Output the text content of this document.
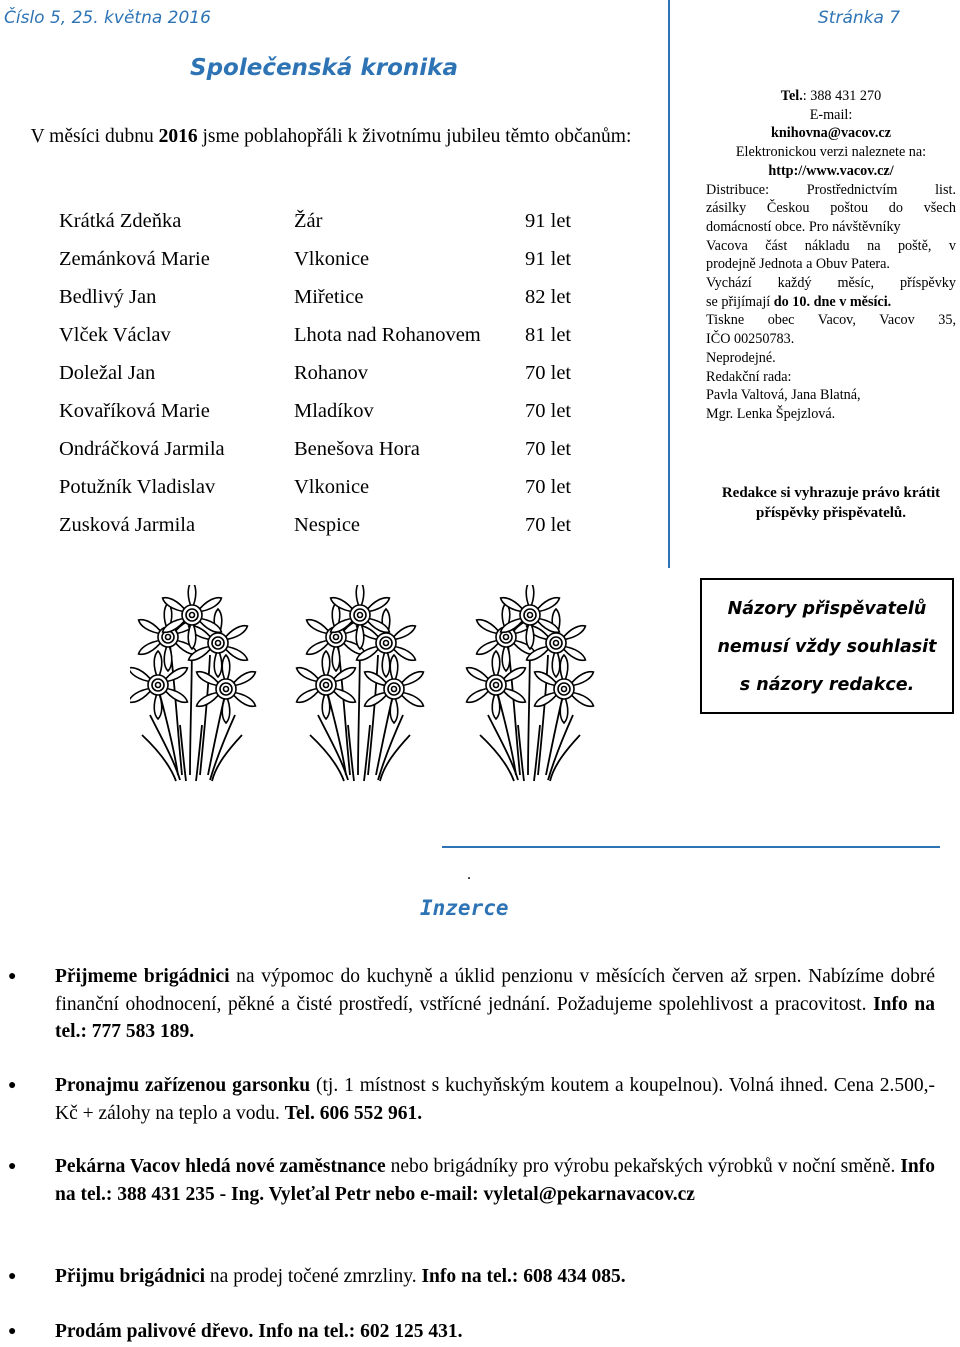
Číslo 5, 25. května 2016	Stránka 7
Společenská kronika
V měsíci dubnu 2016 jsme poblahopřáli k životnímu jubileu těmto občanům:
Krátká Zdeňka	Žár	91 let
Zemánková Marie	Vlkonice	91 let
Bedlivý Jan	Miřetice	82 let
Vlček Václav	Lhota nad Rohanovem 81 let
Doležal Jan	Rohanov	70 let
Kovaříková Marie	Mladíkov	70 let
Ondráčková Jarmila	Benešova Hora	70 let
Potužník Vladislav	Vlkonice	70 let
Zusková Jarmila	Nespice	70 let
Tel.: 388 431 270
E-mail:
knihovna@vacov.cz
Elektronickou verzi naleznete na:
http://www.vacov.cz/
Distribuce: Prostřednictvím list.
zásilky Českou poštou do všech
domácností obce. Pro návštěvníky
Vacova část nákladu na poště, v
prodejně Jednota a Obuv Patera.
Vychází každý měsíc, příspěvky
se přijímají do 10. dne v měsíci.
Tiskne obec Vacov, Vacov 35,
IČO 00250783.
Neprodejné.
Redakční rada:
Pavla Valtová, Jana Blatná,
Mgr. Lenka Špejzlová.
Redakce si vyhrazuje právo krátit příspěvky přispěvatelů.
Názory přispěvatelů
nemusí vždy souhlasit
s názory redakce.
.
Inzerce
● Přijmeme brigádnici na výpomoc do kuchyně a úklid penzionu v měsících červen až srpen. Nabízíme dobré finanční ohodnocení, pěkné a čisté prostředí, vstřícné jednání. Požadujeme spolehlivost a pracovitost. Info na tel.: 777 583 189.
● Pronajmu zařízenou garsonku (tj. 1 místnost s kuchyňským koutem a koupelnou). Volná ihned. Cena 2.500,- Kč + zálohy na teplo a vodu. Tel. 606 552 961.
● Pekárna Vacov hledá nové zaměstnance nebo brigádníky pro výrobu pekařských výrobků v noční směně. Info na tel.: 388 431 235 - Ing. Vyleťal Petr nebo e-mail: vyletal@pekarnavacov.cz
● Přijmu brigádnici na prodej točené zmrzliny. Info na tel.: 608 434 085.
● Prodám palivové dřevo. Info na tel.: 602 125 431.
